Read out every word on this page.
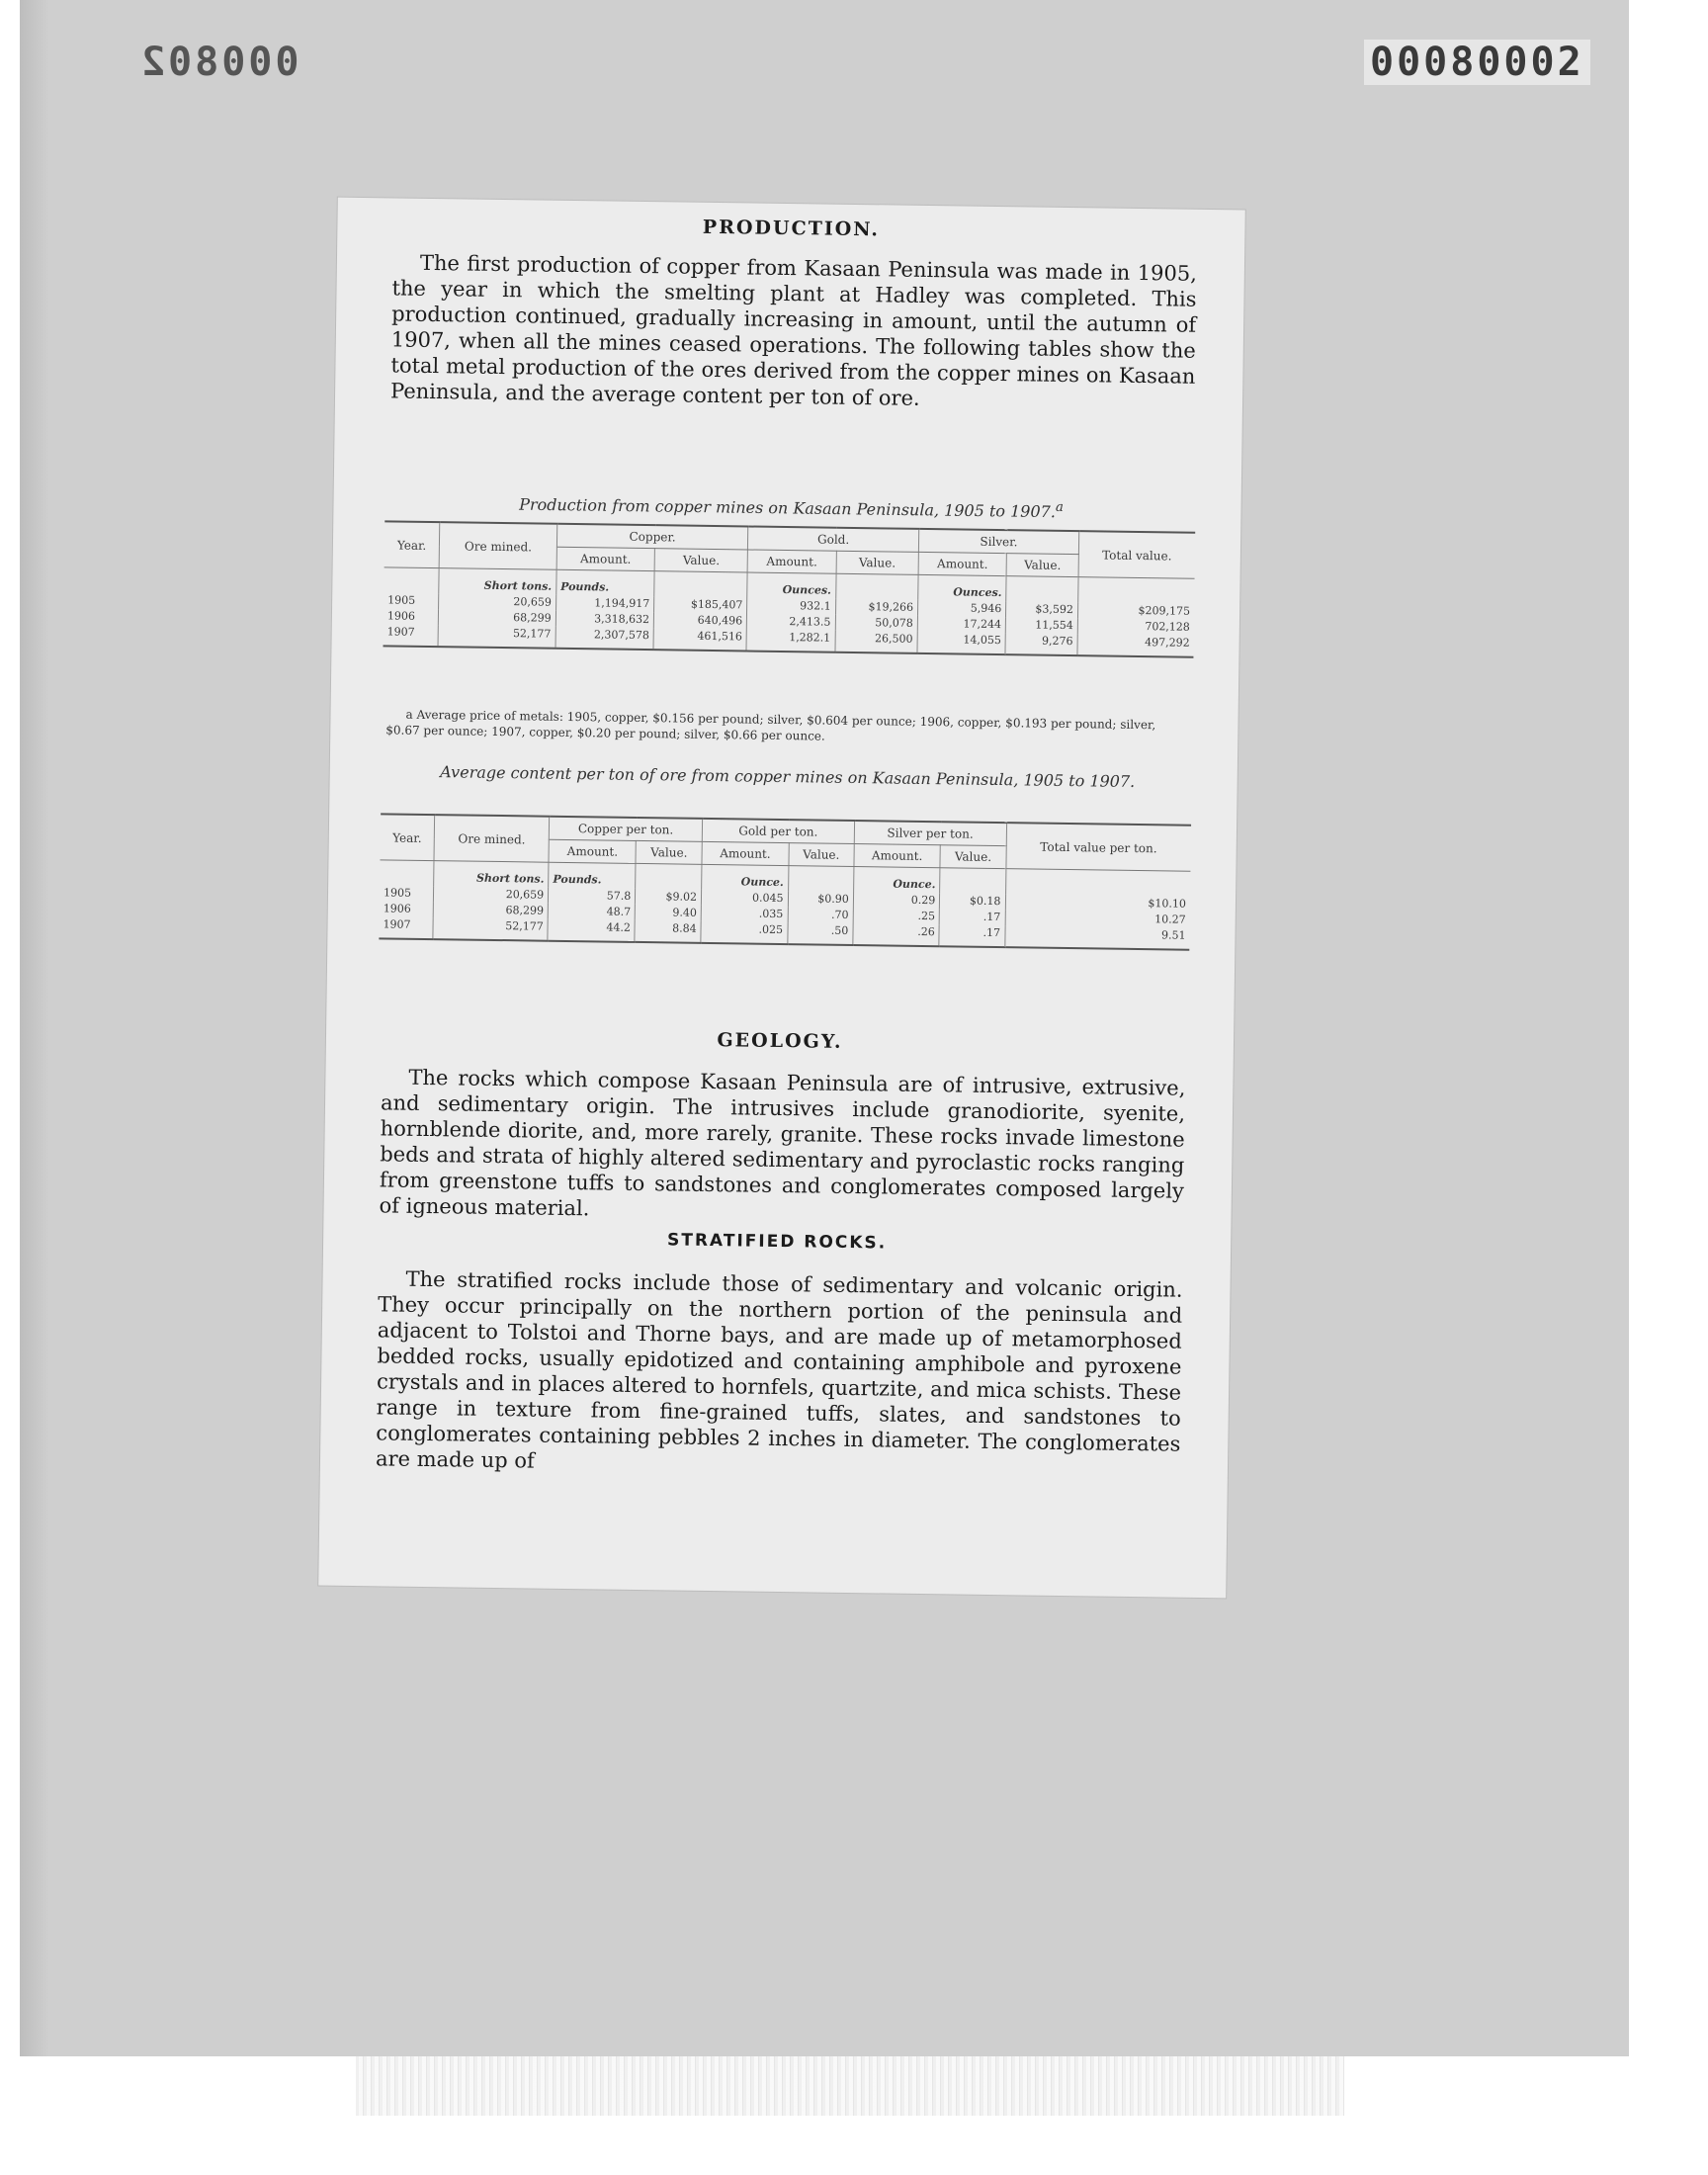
000802	00080002
PRODUCTION.

The first production of copper from Kasaan Peninsula was made in 1905, the year in which the smelting plant at Hadley was completed. This production continued, gradually increasing in amount, until the autumn of 1907, when all the mines ceased operations. The following tables show the total metal production of the ores derived from the copper mines on Kasaan Peninsula, and the average content per ton of ore.

Production from copper mines on Kasaan Peninsula, 1905 to 1907.$^a$

Year.	Ore mined.	Copper.		Gold.		Silver.		Total value.
		Amount.	Value.	Amount.	Value.	Amount.	Value.	
	Short tons.	Pounds.		Ounces.		Ounces.		
1905	20,659	1,194,917	$185,407	932.1	$19,266	5,946	$3,592	$209,175
1906	68,299	3,318,632	640,496	2,413.5	50,078	17,244	11,554	702,128
1907	52,177	2,307,578	461,516	1,282.1	26,500	14,055	9,276	497,292

a Average price of metals: 1905, copper, $0.156 per pound; silver, $0.604 per ounce; 1906, copper, $0.193 per pound; silver, $0.67 per ounce; 1907, copper, $0.20 per pound; silver, $0.66 per ounce.

Average content per ton of ore from copper mines on Kasaan Peninsula, 1905 to 1907.

Year.	Ore mined.	Copper per ton.		Gold per ton.		Silver per ton.		Total value per ton.
		Amount.	Value.	Amount.	Value.	Amount.	Value.	
	Short tons.	Pounds.		Ounce.		Ounce.		
1905	20,659	57.8	$9.02	0.045	$0.90	0.29	$0.18	$10.10
1906	68,299	48.7	9.40	.035	.70	.25	.17	10.27
1907	52,177	44.2	8.84	.025	.50	.26	.17	9.51
GEOLOGY.

The rocks which compose Kasaan Peninsula are of intrusive, extrusive, and sedimentary origin. The intrusives include granodiorite, syenite, hornblende diorite, and, more rarely, granite. These rocks invade limestone beds and strata of highly altered sedimentary and pyroclastic rocks ranging from greenstone tuffs to sandstones and conglomerates composed largely of igneous material.

STRATIFIED ROCKS.

The stratified rocks include those of sedimentary and volcanic origin. They occur principally on the northern portion of the peninsula and adjacent to Tolstoi and Thorne bays, and are made up of metamorphosed bedded rocks, usually epidotized and containing amphibole and pyroxene crystals and in places altered to hornfels, quartzite, and mica schists. These range in texture from fine-grained tuffs, slates, and sandstones to conglomerates containing pebbles 2 inches in diameter. The conglomerates are made up of
